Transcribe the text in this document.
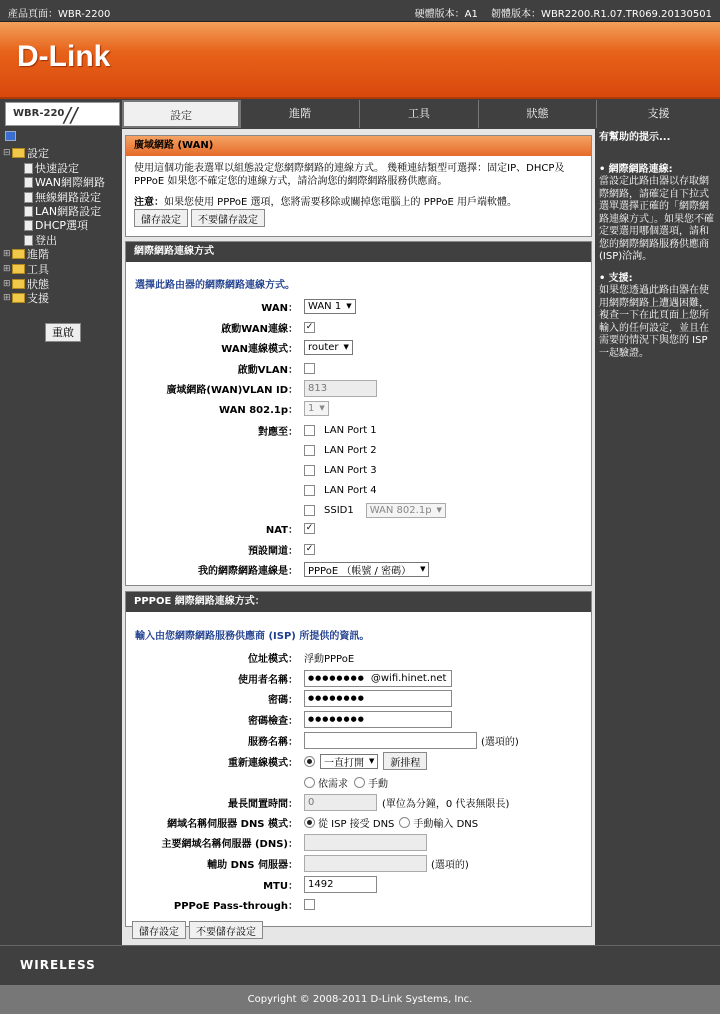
產品頁面：WBR-2200	硬體版本：A1 　韌體版本：WBR2200.R1.07.TR069.20130501
D-Link
WBR-220 //	設定	進階	工具	狀態	支援
⊟ 設定
快速設定
WAN網際網路
無線網路設定
LAN網路設定
DHCP選項
登出
⊞ 進階
⊞ 工具
⊞ 狀態
⊞ 支援
重啟
廣域網路 (WAN)
使用這個功能表選單以組態設定您網際網路的連線方式。 幾種連結類型可選擇：固定IP、DHCP及PPPoE 如果您不確定您的連線方式，請洽詢您的網際網路服務供應商。
注意：如果您使用 PPPoE 選項，您將需要移除或關掉您電腦上的 PPPoE 用戶端軟體。
儲存設定	不要儲存設定
網際網路連線方式
選擇此路由器的網際網路連線方式。
WAN： WAN 1 ▼
啟動WAN連線： ✓
WAN連線模式： router ▼
啟動VLAN：
廣域網路(WAN)VLAN ID：	813
WAN 802.1p： 1 ▼
對應至：	LAN Port 1
LAN Port 2
LAN Port 3
LAN Port 4
SSID1 WAN 802.1p ▼
NAT： ✓
預設閘道： ✓
我的網際網路連線是： PPPoE （帳號 / 密碼） ▼
PPPOE 網際網路連線方式：
輸入由您網際網路服務供應商 (ISP) 所提供的資訊。
位址模式： 浮動PPPoE
使用者名稱： ●●●●●●●● @wifi.hinet.net
密碼：	●●●●●●●●
密碼檢查：	●●●●●●●●
服務名稱：	(選項的)
重新連線模式：	一直打開 ▼	新排程
依需求 手動
最長閒置時間：	0	(單位為分鐘，0 代表無限長)
網域名稱伺服器 DNS 模式： 從 ISP 接受 DNS 手動輸入 DNS
主要網域名稱伺服器 (DNS)：
輔助 DNS 伺服器：	(選項的)
MTU：	1492
PPPoE Pass-through：
儲存設定	不要儲存設定
有幫助的提示...
• 網際網路連線:
當設定此路由器以存取網際網路，請確定自下拉式選單選擇正確的「網際網路連線方式」。如果您不確定要選用哪個選項，請和您的網際網路服務供應商(ISP)洽詢。
• 支援:
如果您透過此路由器在使用網際網路上遭遇困難，複查一下在此頁面上您所輸入的任何設定，並且在需要的情況下與您的 ISP 一起驗證。
WIRELESS
Copyright © 2008-2011 D-Link Systems, Inc.
